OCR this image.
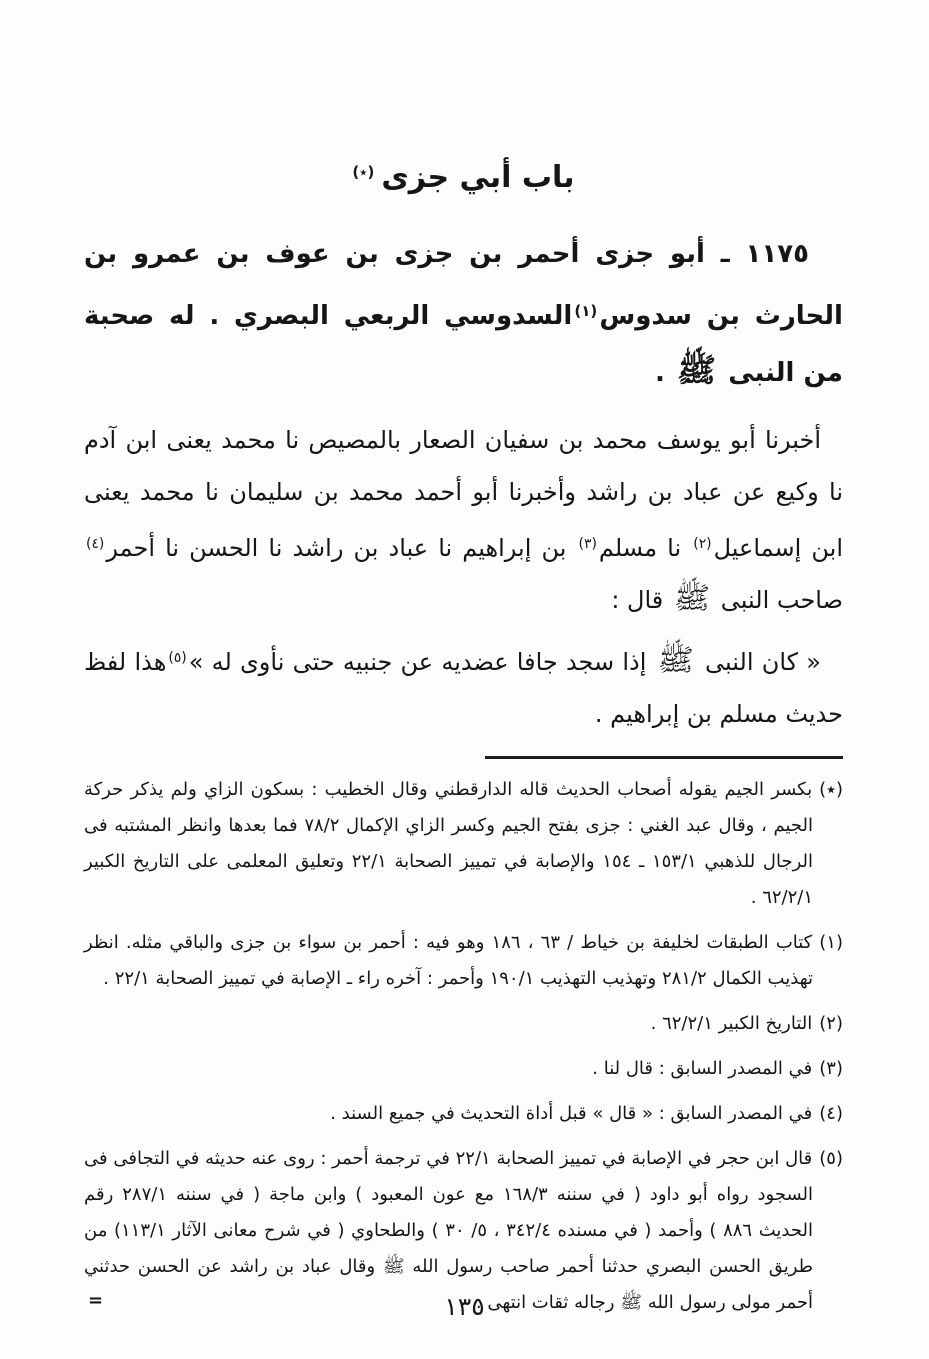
باب أبي جزى(٭)

١١٧٥ ـ أبو جزى أحمر بن جزى بن عوف بن عمرو بن الحارث بن سدوس$^{(١)}$السدوسي الربعي البصري . له صحبة من النبى ﷺ .

أخبرنا أبو يوسف محمد بن سفيان الصعار بالمصيص نا محمد يعنى ابن آدم نا وكيع عن عباد بن راشد وأخبرنا أبو أحمد محمد بن سليمان نا محمد يعنى ابن إسماعيل$^{(٢)}$ نا مسلم$^{(٣)}$ بن إبراهيم نا عباد بن راشد نا الحسن نا أحمر$^{(٤)}$ صاحب النبى ﷺ قال :

« كان النبى ﷺ إذا سجد جافا عضديه عن جنبيه حتى نأوى له »$^{(٥)}$هذا لفظ حديث مسلم بن إبراهيم .

(٭)بكسر الجيم يقوله أصحاب الحديث قاله الدارقطني وقال الخطيب : بسكون الزاي ولم يذكر حركة الجيم ، وقال عبد الغني : جزى بفتح الجيم وكسر الزاي الإكمال ٧٨/٢ فما بعدها وانظر المشتبه فى الرجال للذهبي ١٥٣/١ ـ ١٥٤ والإصابة في تمييز الصحابة ٢٢/١ وتعليق المعلمى على التاريخ الكبير ٦٢/٢/١ .
(١)كتاب الطبقات لخليفة بن خياط / ٦٣ ، ١٨٦ وهو فيه : أحمر بن سواء بن جزى والباقي مثله. انظر تهذيب الكمال ٢٨١/٢ وتهذيب التهذيب ١٩٠/١ وأحمر : آخره راء ـ الإصابة في تمييز الصحابة ٢٢/١ .
(٢)التاريخ الكبير ٦٢/٢/١ .
(٣)في المصدر السابق : قال لنا .
(٤)في المصدر السابق : « قال » قبل أداة التحديث في جميع السند .
(٥)قال ابن حجر في الإصابة في تمييز الصحابة ٢٢/١ في ترجمة أحمر : روى عنه حديثه في التجافى فى السجود رواه أبو داود ( في سننه ١٦٨/٣ مع عون المعبود ) وابن ماجة ( في سننه ٢٨٧/١ رقم الحديث ٨٨٦ ) وأحمد ( في مسنده ٣٤٢/٤ ، ٥/ ٣٠ ) والطحاوي ( في شرح معانى الآثار ١١٣/١) من طريق الحسن البصري حدثنا أحمر صاحب رسول الله ﷺ وقال عباد بن راشد عن الحسن حدثني أحمر مولى رسول الله ﷺ رجاله ثقات انتهى .
=	١٣٥
